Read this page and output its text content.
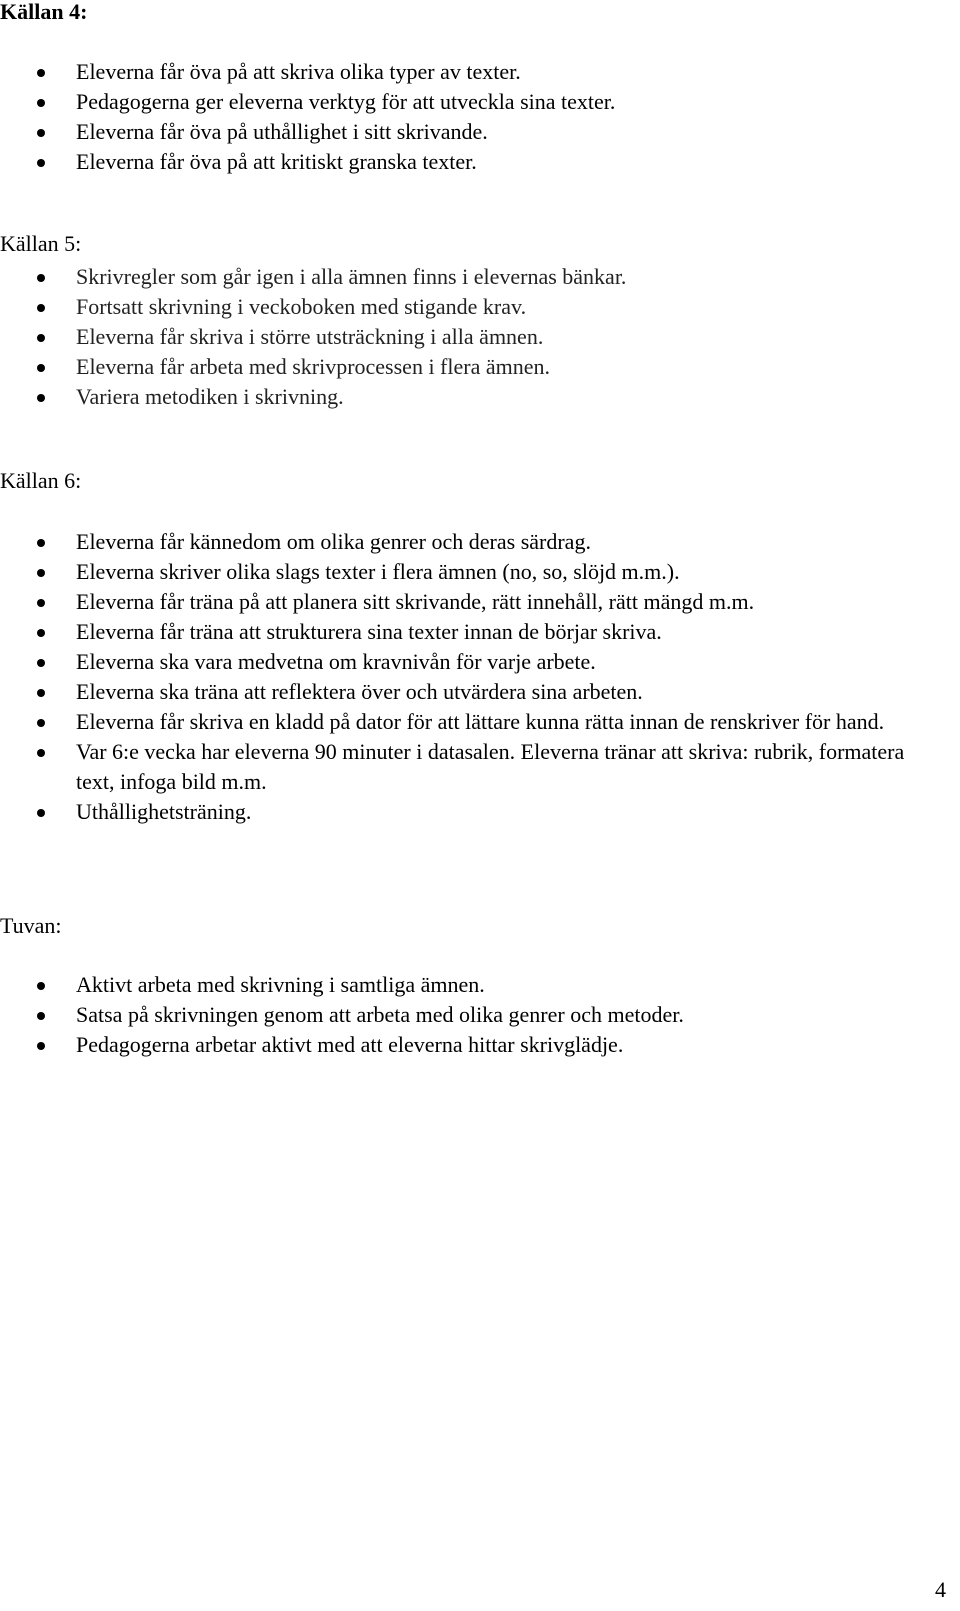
Källan 4:
Eleverna får öva på att skriva olika typer av texter.
Pedagogerna ger eleverna verktyg för att utveckla sina texter.
Eleverna får öva på uthållighet i sitt skrivande.
Eleverna får öva på att kritiskt granska texter.
Källan 5:
Skrivregler som går igen i alla ämnen finns i elevernas bänkar.
Fortsatt skrivning i veckoboken med stigande krav.
Eleverna får skriva i större utsträckning i alla ämnen.
Eleverna får arbeta med skrivprocessen i flera ämnen.
Variera metodiken i skrivning.
Källan 6:
Eleverna får kännedom om olika genrer och deras särdrag.
Eleverna skriver olika slags texter i flera ämnen (no, so, slöjd m.m.).
Eleverna får träna på att planera sitt skrivande, rätt innehåll, rätt mängd m.m.
Eleverna får träna att strukturera sina texter innan de börjar skriva.
Eleverna ska vara medvetna om kravnivån för varje arbete.
Eleverna ska träna att reflektera över och utvärdera sina arbeten.
Eleverna får skriva en kladd på dator för att lättare kunna rätta innan de renskriver för hand.
Var 6:e vecka har eleverna 90 minuter i datasalen. Eleverna tränar att skriva: rubrik, formatera text, infoga bild m.m.
Uthållighetsträning.
Tuvan:
Aktivt arbeta med skrivning i samtliga ämnen.
Satsa på skrivningen genom att arbeta med olika genrer och metoder.
Pedagogerna arbetar aktivt med att eleverna hittar skrivglädje.
4
